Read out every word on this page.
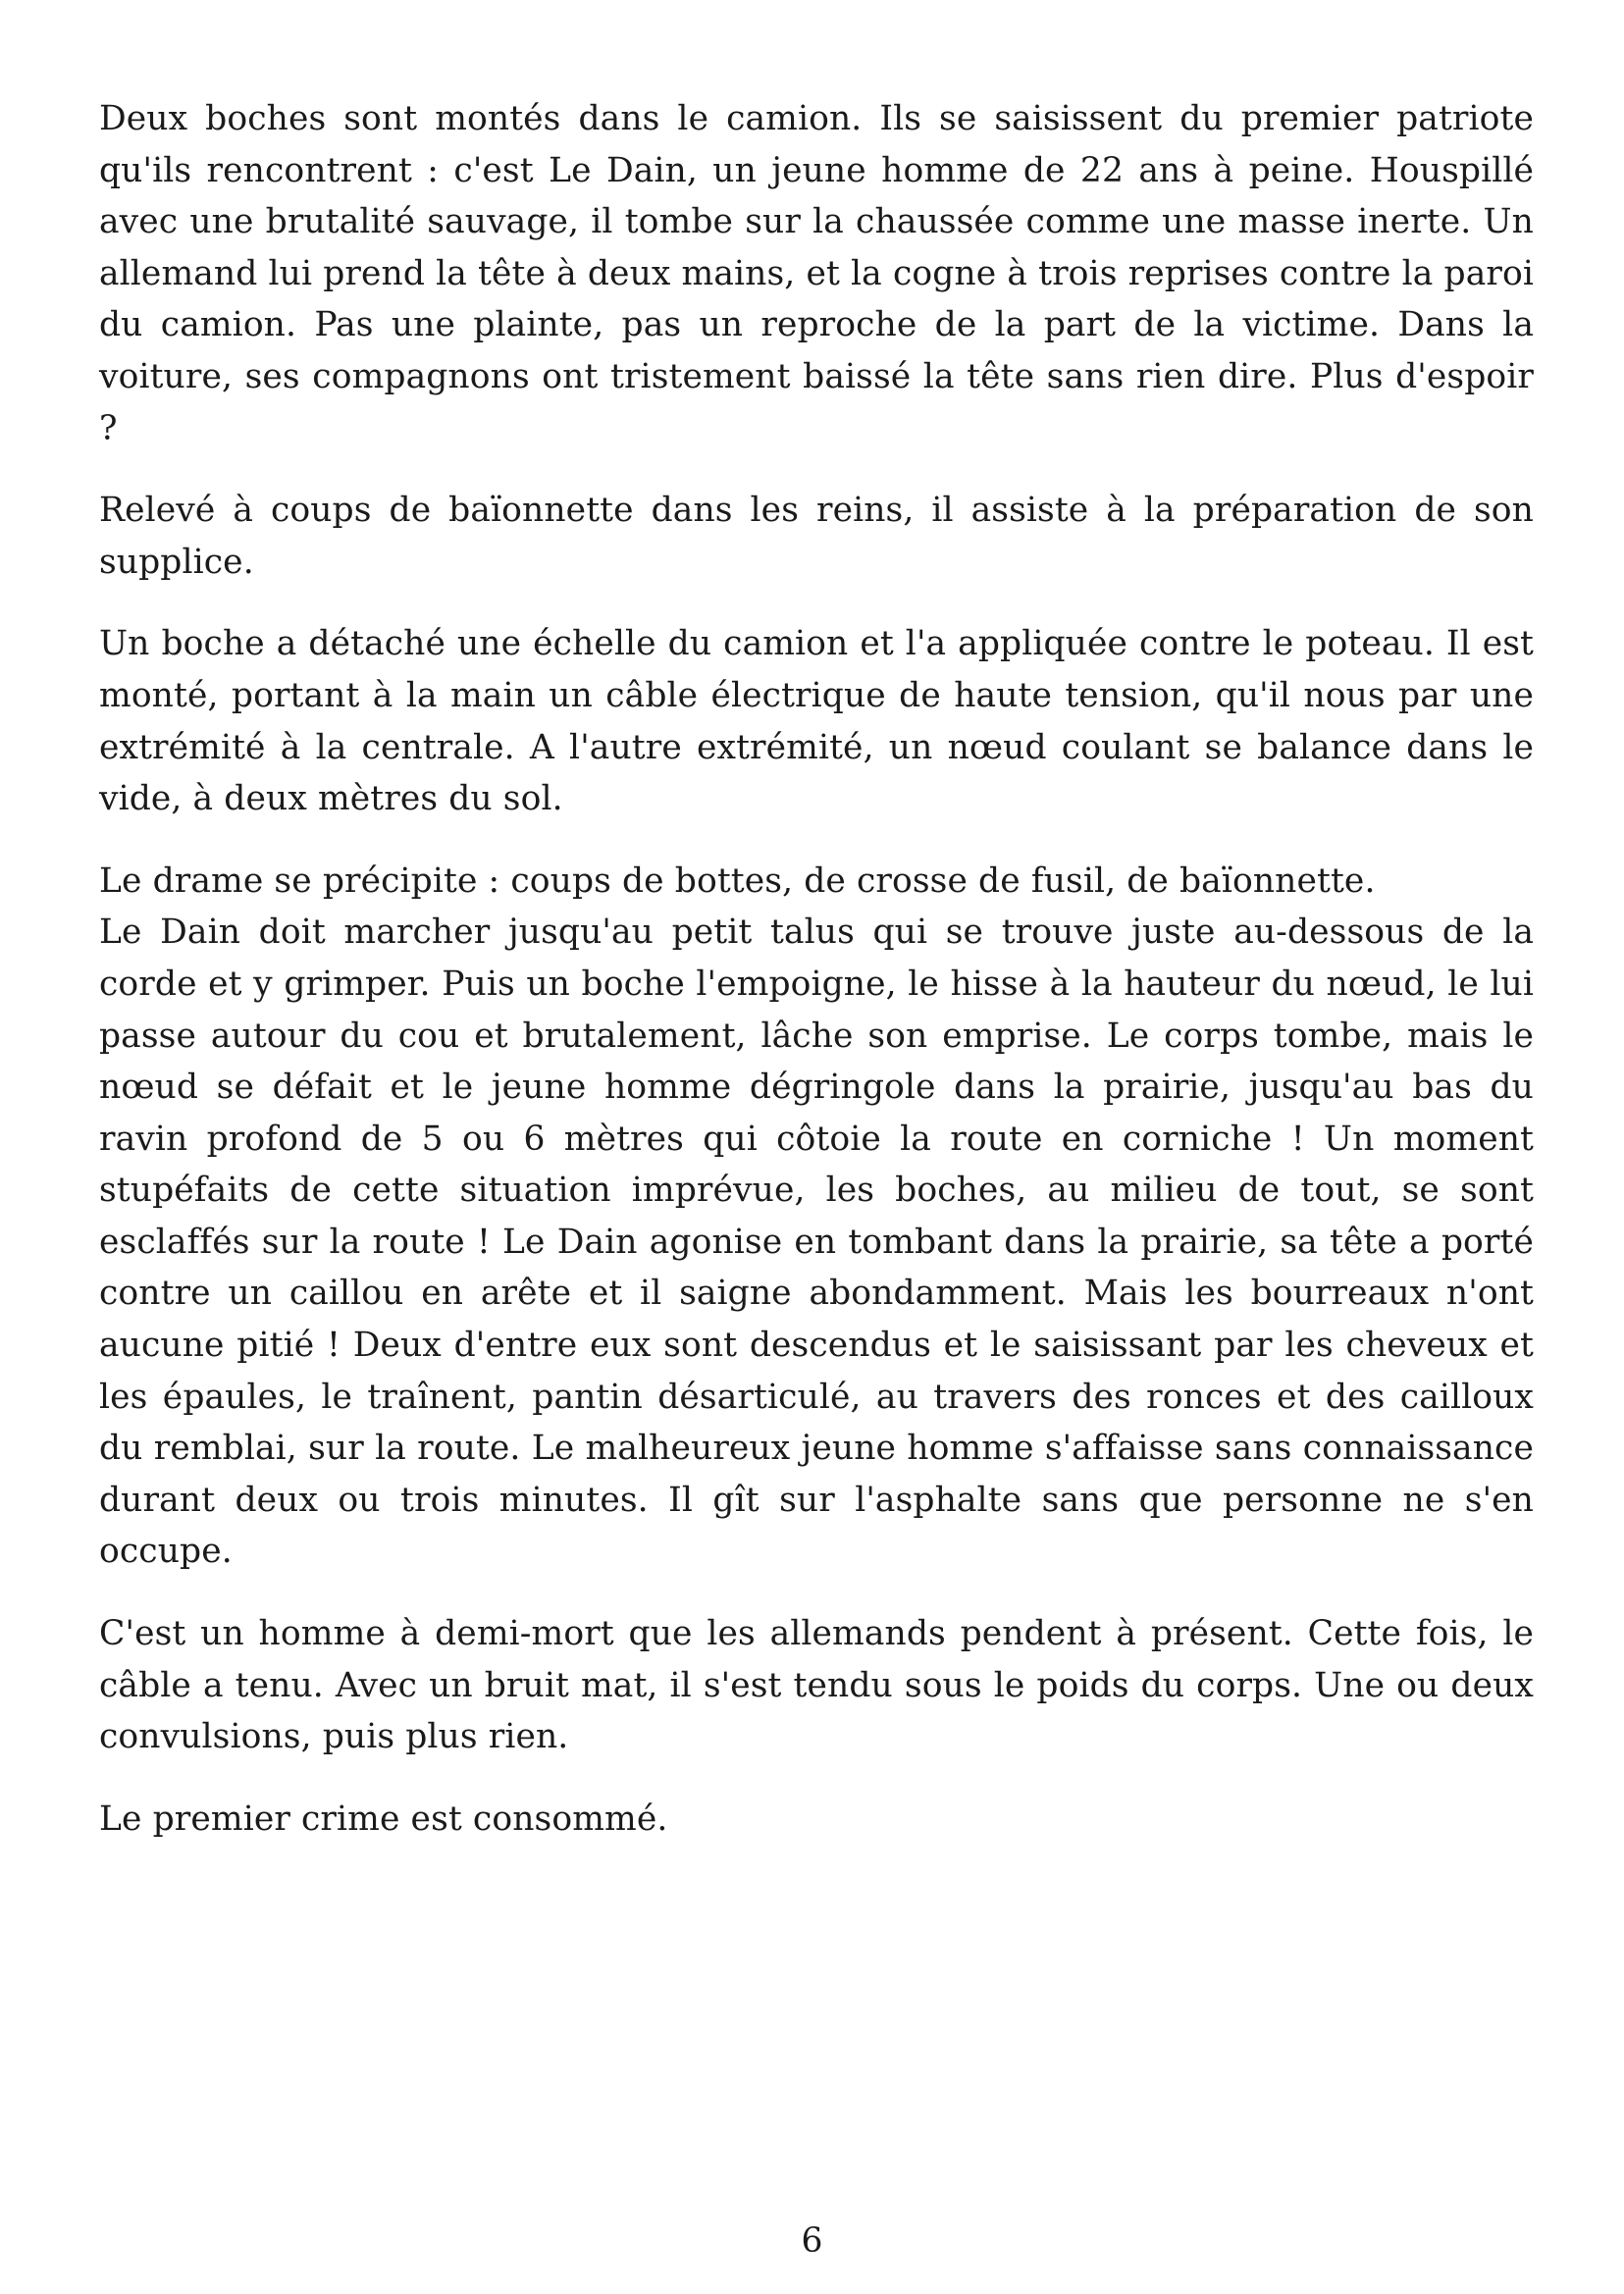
Deux boches sont montés dans le camion. Ils se saisissent du premier patriote qu'ils rencontrent : c'est Le Dain, un jeune homme de 22 ans à peine. Houspillé avec une brutalité sauvage, il tombe sur la chaussée comme une masse inerte. Un allemand lui prend la tête à deux mains, et la cogne à trois reprises contre la paroi du camion. Pas une plainte, pas un reproche de la part de la victime. Dans la voiture, ses compagnons ont tristement baissé la tête sans rien dire. Plus d'espoir ?

Relevé à coups de baïonnette dans les reins, il assiste à la préparation de son supplice.

Un boche a détaché une échelle du camion et l'a appliquée contre le poteau. Il est monté, portant à la main un câble électrique de haute tension, qu'il nous par une extrémité à la centrale. A l'autre extrémité, un nœud coulant se balance dans le vide, à deux mètres du sol.

Le drame se précipite : coups de bottes, de crosse de fusil, de baïonnette.

Le Dain doit marcher jusqu'au petit talus qui se trouve juste au-dessous de la corde et y grimper. Puis un boche l'empoigne, le hisse à la hauteur du nœud, le lui passe autour du cou et brutalement, lâche son emprise. Le corps tombe, mais le nœud se défait et le jeune homme dégringole dans la prairie, jusqu'au bas du ravin profond de 5 ou 6 mètres qui côtoie la route en corniche ! Un moment stupéfaits de cette situation imprévue, les boches, au milieu de tout, se sont esclaffés sur la route ! Le Dain agonise en tombant dans la prairie, sa tête a porté contre un caillou en arête et il saigne abondamment. Mais les bourreaux n'ont aucune pitié ! Deux d'entre eux sont descendus et le saisissant par les cheveux et les épaules, le traînent, pantin désarticulé, au travers des ronces et des cailloux du remblai, sur la route. Le malheureux jeune homme s'affaisse sans connaissance durant deux ou trois minutes. Il gît sur l'asphalte sans que personne ne s'en occupe.

C'est un homme à demi-mort que les allemands pendent à présent. Cette fois, le câble a tenu. Avec un bruit mat, il s'est tendu sous le poids du corps. Une ou deux convulsions, puis plus rien.

Le premier crime est consommé.

6
